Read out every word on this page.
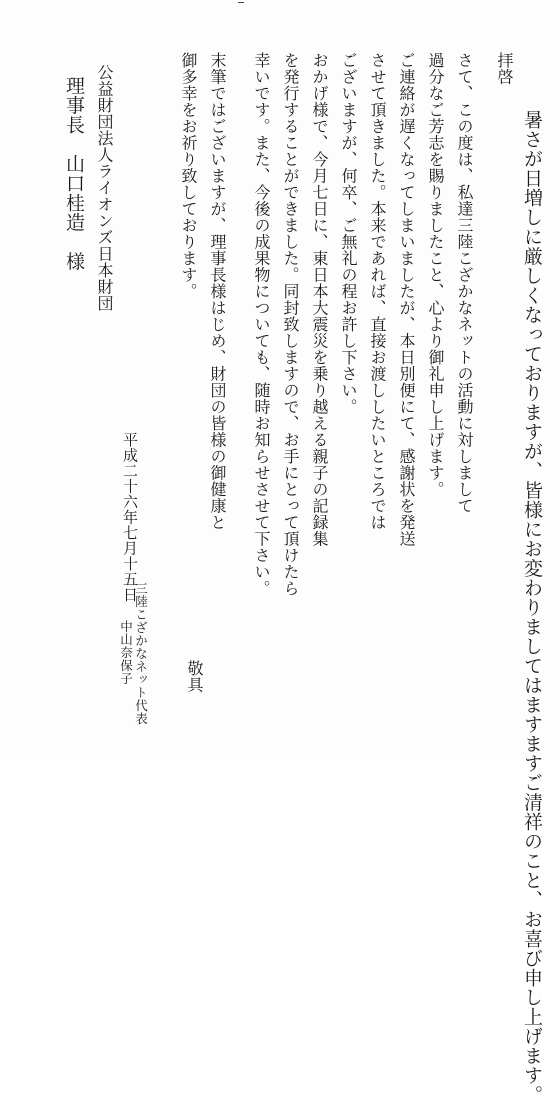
拝啓
暑さが日増しに厳しくなっておりますが、皆様にお変わりましてはますますご清祥のこと、お喜び申し上げます。
さて、この度は、私達三陸こざかなネットの活動に対しまして
過分なご芳志を賜りましたこと、心より御礼申し上げます。
ご連絡が遅くなってしまいましたが、本日別便にて、感謝状を発送
させて頂きました。本来であれば、直接お渡ししたいところでは
ございますが、何卒、ご無礼の程お許し下さい。
おかげ様で、今月七日に、東日本大震災を乗り越える親子の記録集
を発行することができました。同封致しますので、お手にとって頂けたら
幸いです。また、今後の成果物についても、随時お知らせさせて下さい。
末筆ではございますが、理事長様はじめ、財団の皆様の御健康と
御多幸をお祈り致しております。
敬具
平成二十六年七月十五日
三陸こざかなネット代表
中山奈保子
公益財団法人ライオンズ日本財団
理事長　山口桂造　様
